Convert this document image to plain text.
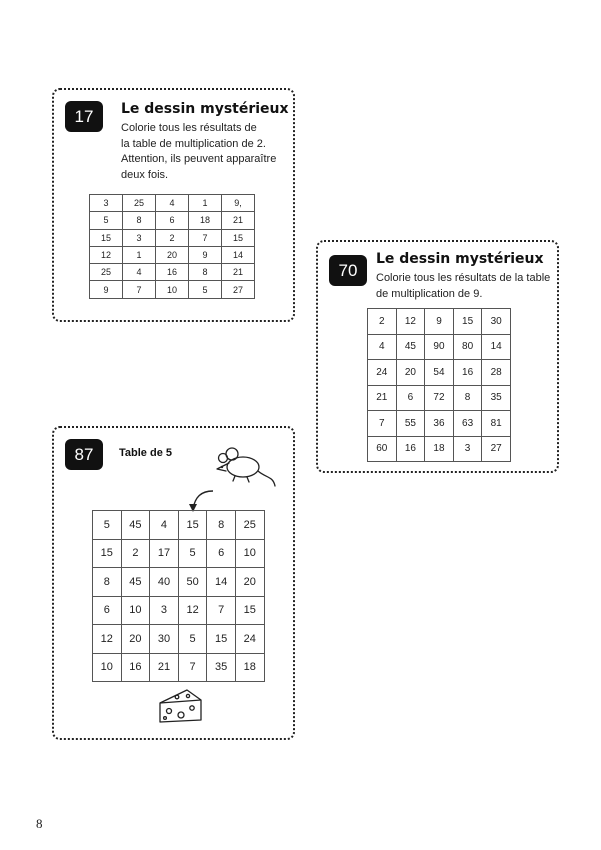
17	Le dessin mystérieux
Colorie tous les résultats de
la table de multiplication de 2.
Attention, ils peuvent apparaître
deux fois.
3	25	4	1	9,
5	8	6	18	21
15	3	2	7	15
12	1	20	9	14
25	4	16	8	21
9	7	10	5	27
70
Le dessin mystérieux
Colorie tous les résultats de la table
de multiplication de 9.
2	12	9	15	30
4	45	90	80	14
24	20	54	16	28
21	6	72	8	35
7	55	36	63	81
60	16	18	3	27
87	Table de 5
5	45	4	15	8	25
15	2	17	5	6	10
8	45	40	50	14	20
6	10	3	12	7	15
12	20	30	5	15	24
10	16	21	7	35	18
8
